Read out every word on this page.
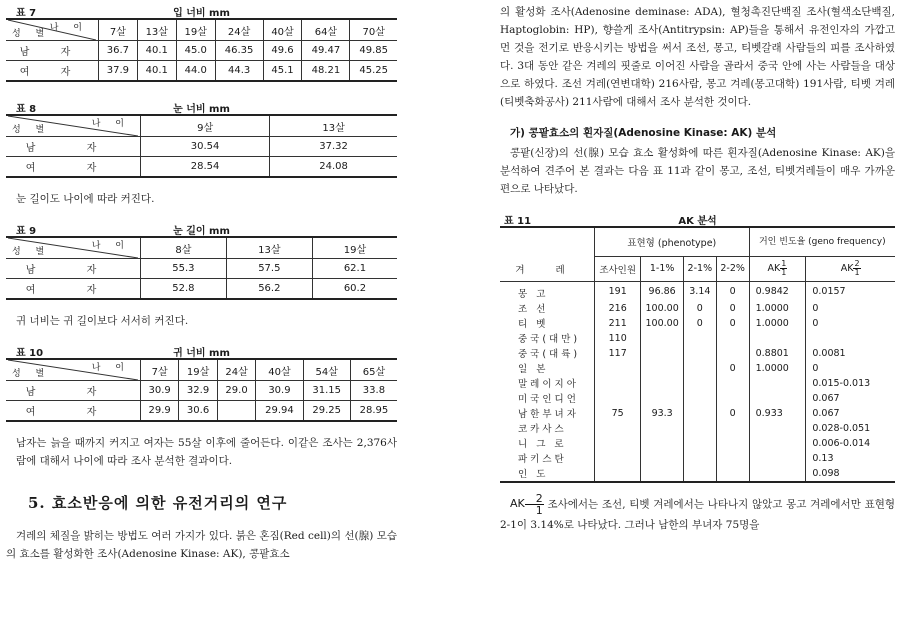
표 7	입 너비 mm
나 이
성 별	7살	13살	19살	24살	40살	64살	70살
남 자	36.7	40.1	45.0	46.35	49.6	49.47	49.85
여 자	37.9	40.1	44.0	44.3	45.1	48.21	45.25
표 8	눈 너비 mm
나 이
성 별	9살	13살
남 자	30.54	37.32
여 자	28.54	24.08

눈 길이도 나이에 따라 커진다.

표 9	눈 길이 mm
나 이
성 별	8살	13살	19살
남 자	55.3	57.5	62.1
여 자	52.8	56.2	60.2

귀 너비는 귀 길이보다 서서히 커진다.

표 10	귀 너비 mm
나 이
성 별	7살	19살	24살	40살	54살	65살
남 자	30.9	32.9	29.0	30.9	31.15	33.8
여 자	29.9	30.6		29.94	29.25	28.95

남자는 늙을 때까지 커지고 여자는 55살 이후에 줄어든다. 이같은 조사는 2,376사람에 대해서 나이에 따라 조사 분석한 결과이다.

5. 효소반응에 의한 유전거리의 연구

겨레의 체질을 밝히는 방법도 여러 가지가 있다. 붉은 혼짐(Red cell)의 선(腺) 모습의 효소를 활성화한 조사(Adenosine Kinase: AK), 콩팥효소

의 활성화 조사(Adenosine deminase: ADA), 혈청촉진단백질 조사(혈색소단백질, Haptoglobin: HP), 향쓸게 조사(Antitrypsin: AP)들을 통해서 유전인자의 가깝고 먼 것을 전기로 반응시키는 방법을 써서 조선, 몽고, 티벳갈래 사람들의 피를 조사하였다. 3대 동안 같은 겨레의 핏줄로 이어진 사람을 골라서 중국 안에 사는 사람들을 대상으로 하였다. 조선 겨레(연변대학) 216사람, 몽고 겨레(몽고대학) 191사람, 티벳 겨레(티벳축화공사) 211사람에 대해서 조사 분석한 것이다.

가) 콩팥효소의 흰자질(Adenosine Kinase: AK) 분석

콩팥(신장)의 선(腺) 모습 효소 활성화에 따른 흰자질(Adenosine Kinase: AK)을 분석하여 견주어 본 결과는 다음 표 11과 같이 몽고, 조선, 티벳겨레들이 매우 가까운 편으로 나타났다.

표 11	AK 분석
	표현형 (phenotype)				거인 빈도율 (geno frequency)	
겨 레	조사인원	1-1%	2-1%	2-2%	AK $\frac{1}{1}$	AK $\frac{2}{1}$

몽 고	191	96.86	3.14	0	0.9842	0.0157
조 선	216	100.00	0	0	1.0000	0
티 벳	211	100.00	0	0	1.0000	0
중국(대만)	110					
중국(대륙)	117				0.8801	0.0081
일 본				0	1.0000	0
말레이지아						0.015-0.013
미국인디언						0.067
남한부녀자	75	93.3		0	0.933	0.067
코카사스						0.028-0.051
니 그 로						0.006-0.014
파키스탄						0.13
인 도						0.098

AK $\frac{2}{1}$ 조사에서는 조선, 티벳 겨레에서는 나타나지 않았고 몽고 겨레에서만 표현형 2-1이 3.14%로 나타났다. 그러나 남한의 부녀자 75명을
